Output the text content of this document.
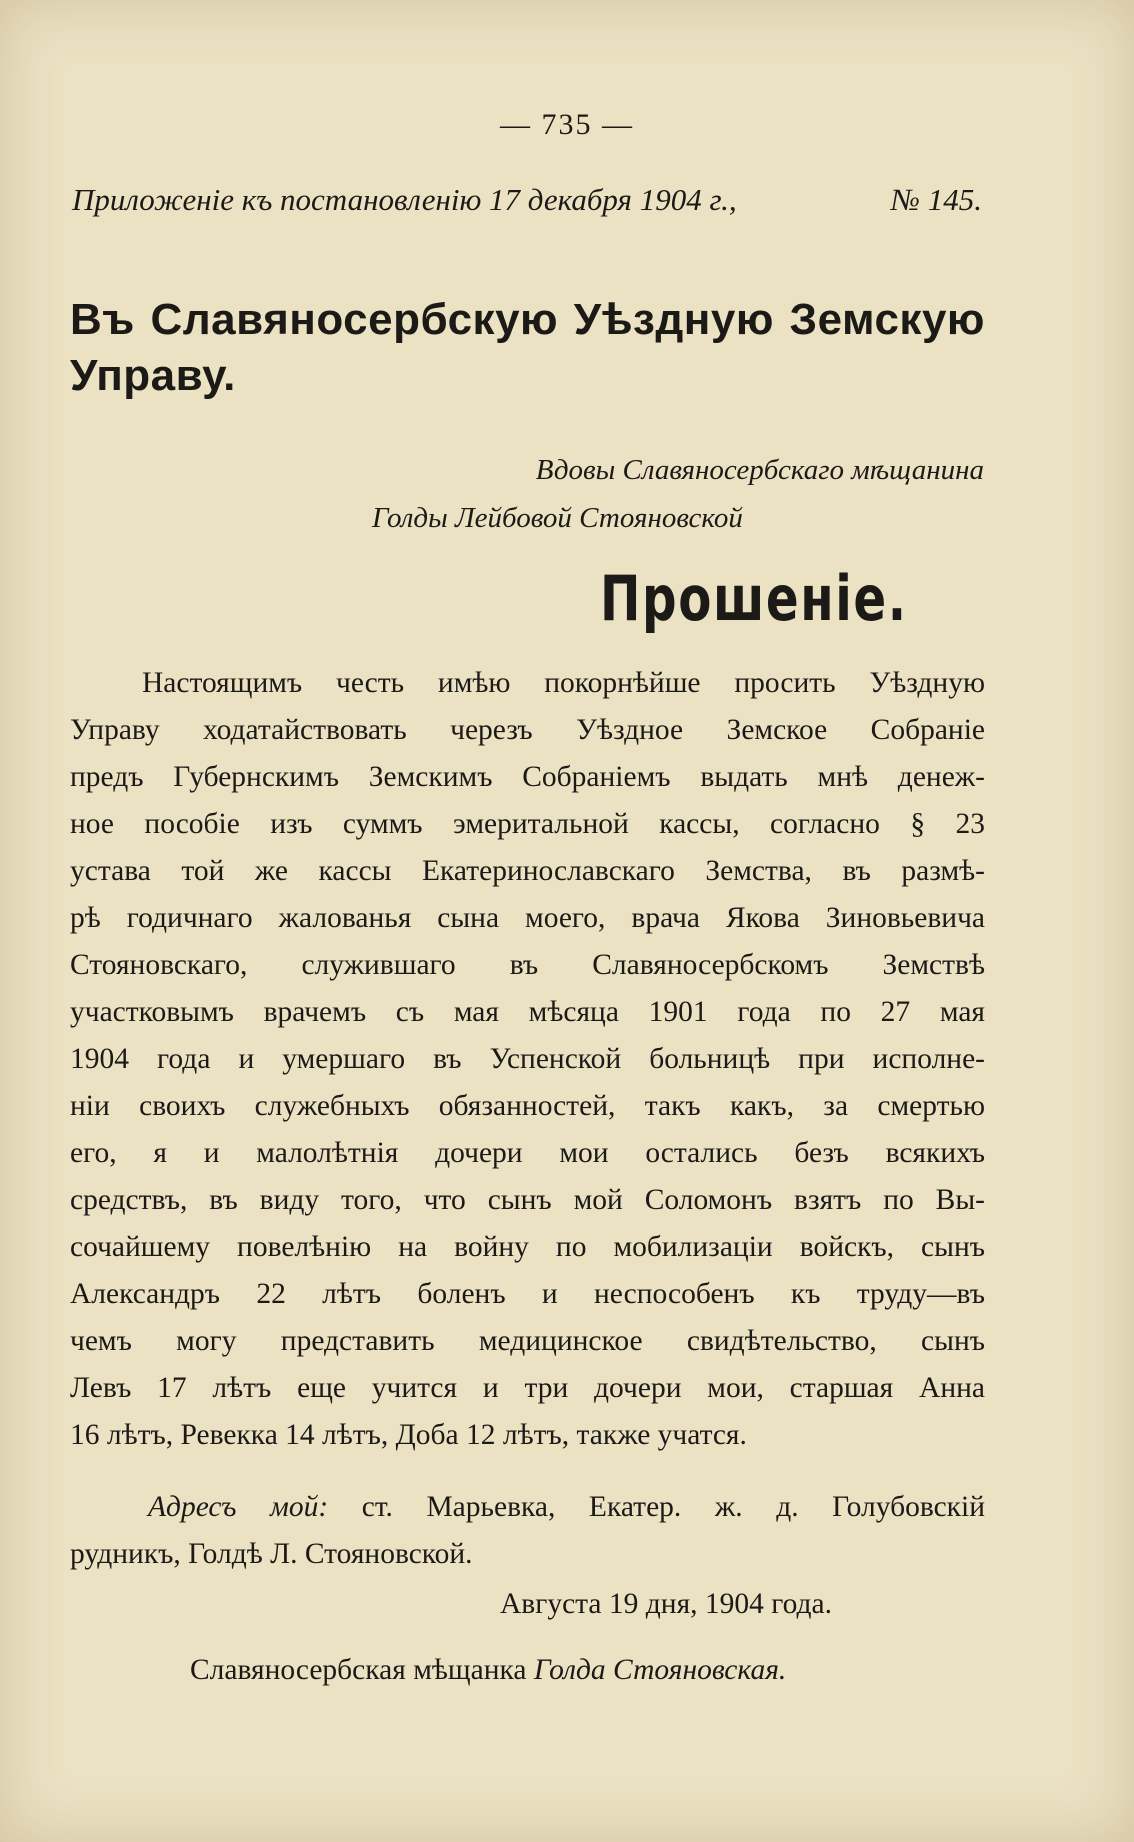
— 735 —
Приложеніе къ постановленію 17 декабря 1904 г.,	№ 145.
Въ Славяносербскую Уѣздную Земскую Управу.
Вдовы Славяносербскаго мѣщанина
Голды Лейбовой Стояновской
Прошеніе.
Настоящимъ честь имѣю покорнѣйше просить Уѣздную
Управу ходатайствовать черезъ Уѣздное Земское Собраніе
предъ Губернскимъ Земскимъ Собраніемъ выдать мнѣ денеж-
ное пособіе изъ суммъ эмеритальной кассы, согласно § 23
устава той же кассы Екатеринославскаго Земства, въ размѣ-
рѣ годичнаго жалованья сына моего, врача Якова Зиновьевича
Стояновскаго, служившаго въ Славяносербскомъ Земствѣ
участковымъ врачемъ съ мая мѣсяца 1901 года по 27 мая
1904 года и умершаго въ Успенской больницѣ при исполне-
ніи своихъ служебныхъ обязанностей, такъ какъ, за смертью
его, я и малолѣтнія дочери мои остались безъ всякихъ
средствъ, въ виду того, что сынъ мой Соломонъ взятъ по Вы-
сочайшему повелѣнію на войну по мобилизаціи войскъ, сынъ
Александръ 22 лѣтъ боленъ и неспособенъ къ труду—въ
чемъ могу представить медицинское свидѣтельство, сынъ
Левъ 17 лѣтъ еще учится и три дочери мои, старшая Анна
16 лѣтъ, Ревекка 14 лѣтъ, Доба 12 лѣтъ, также учатся.
Адресъ мой: ст. Марьевка, Екатер. ж. д. Голубовскій
рудникъ, Голдѣ Л. Стояновской.
Августа 19 дня, 1904 года.
Славяносербская мѣщанка Голда Стояновская.
